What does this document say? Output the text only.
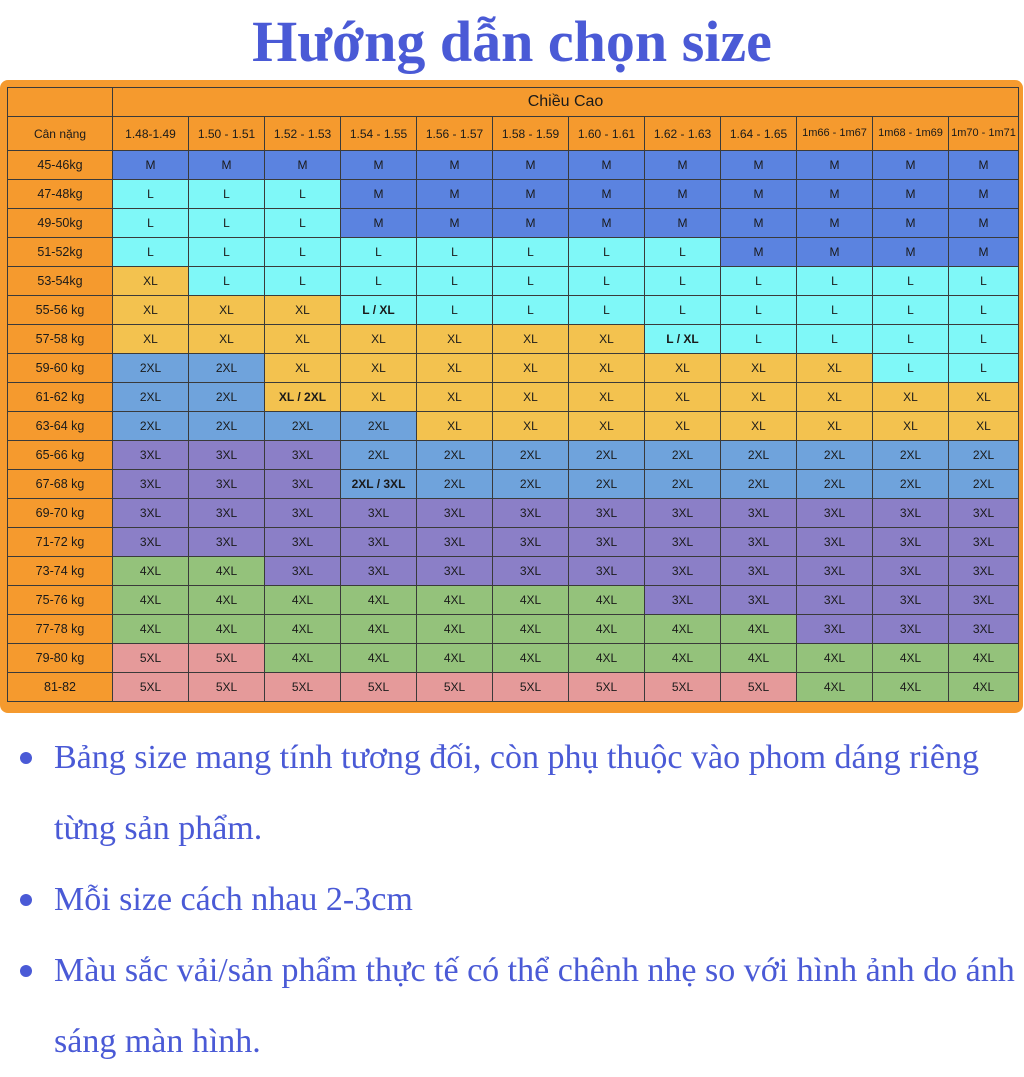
Hướng dẫn chọn size
	Chiều Cao											
Cân nặng	1.48-1.49	1.50 - 1.51	1.52 - 1.53	1.54 - 1.55	1.56 - 1.57	1.58 - 1.59	1.60 - 1.61	1.62 - 1.63	1.64 - 1.65	1m66 - 1m67	1m68 - 1m69	1m70 - 1m71
45-46kg	M	M	M	M	M	M	M	M	M	M	M	M
47-48kg	L	L	L	M	M	M	M	M	M	M	M	M
49-50kg	L	L	L	M	M	M	M	M	M	M	M	M
51-52kg	L	L	L	L	L	L	L	L	M	M	M	M
53-54kg	XL	L	L	L	L	L	L	L	L	L	L	L
55-56 kg	XL	XL	XL	L / XL	L	L	L	L	L	L	L	L
57-58 kg	XL	XL	XL	XL	XL	XL	XL	L / XL	L	L	L	L
59-60 kg	2XL	2XL	XL	XL	XL	XL	XL	XL	XL	XL	L	L
61-62 kg	2XL	2XL	XL / 2XL	XL	XL	XL	XL	XL	XL	XL	XL	XL
63-64 kg	2XL	2XL	2XL	2XL	XL	XL	XL	XL	XL	XL	XL	XL
65-66 kg	3XL	3XL	3XL	2XL	2XL	2XL	2XL	2XL	2XL	2XL	2XL	2XL
67-68 kg	3XL	3XL	3XL	2XL / 3XL	2XL	2XL	2XL	2XL	2XL	2XL	2XL	2XL
69-70 kg	3XL	3XL	3XL	3XL	3XL	3XL	3XL	3XL	3XL	3XL	3XL	3XL
71-72 kg	3XL	3XL	3XL	3XL	3XL	3XL	3XL	3XL	3XL	3XL	3XL	3XL
73-74 kg	4XL	4XL	3XL	3XL	3XL	3XL	3XL	3XL	3XL	3XL	3XL	3XL
75-76 kg	4XL	4XL	4XL	4XL	4XL	4XL	4XL	3XL	3XL	3XL	3XL	3XL
77-78 kg	4XL	4XL	4XL	4XL	4XL	4XL	4XL	4XL	4XL	3XL	3XL	3XL
79-80 kg	5XL	5XL	4XL	4XL	4XL	4XL	4XL	4XL	4XL	4XL	4XL	4XL
81-82	5XL	5XL	5XL	5XL	5XL	5XL	5XL	5XL	5XL	4XL	4XL	4XL
Bảng size mang tính tương đối, còn phụ thuộc vào phom dáng riêng từng sản phẩm.
Mỗi size cách nhau 2-3cm
Màu sắc vải/sản phẩm thực tế có thể chênh nhẹ so với hình ảnh do ánh sáng màn hình.
